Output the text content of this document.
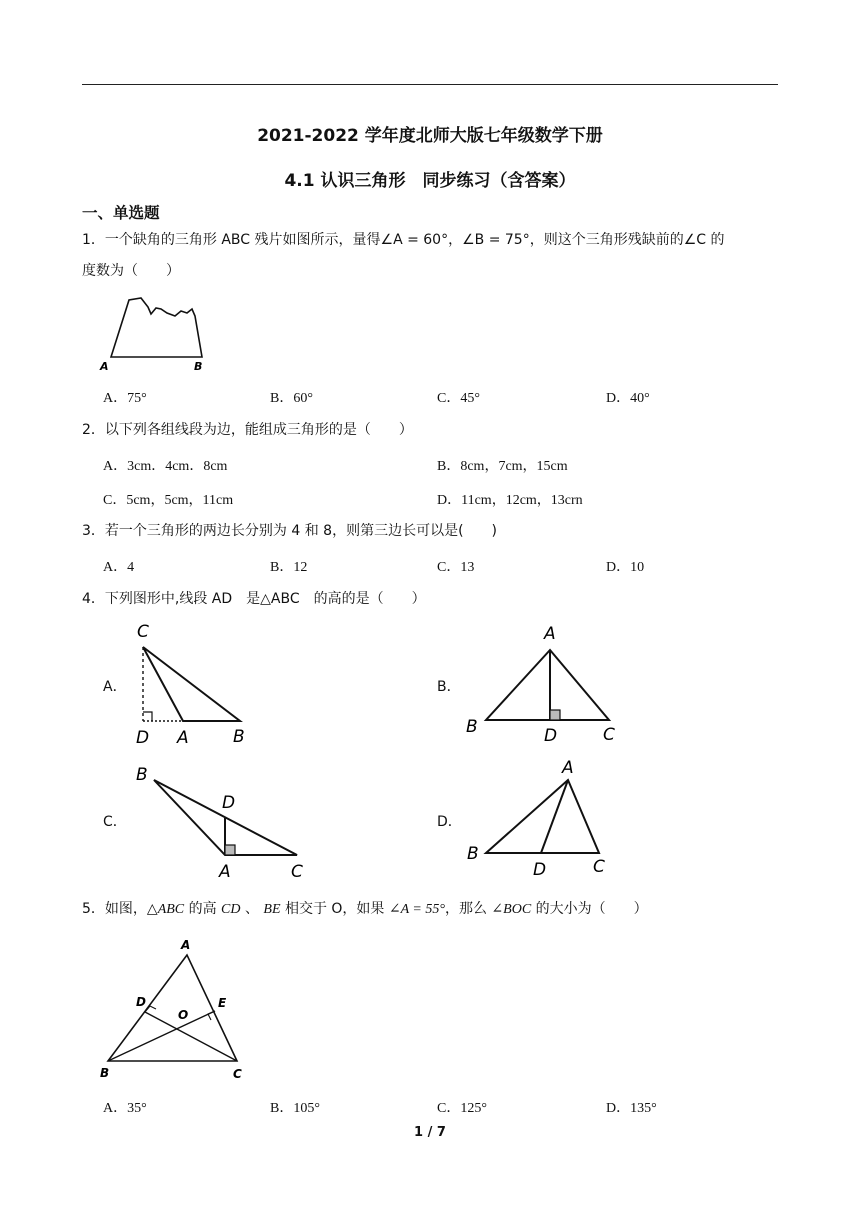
2021-2022 学年度北师大版七年级数学下册
4.1 认识三角形　同步练习（含答案）
一、单选题
1．一个缺角的三角形 ABC 残片如图所示，量得∠A = 60°，∠B = 75°，则这个三角形残缺前的∠C 的
度数为（　　）
A	B
A．75°	B．60°	C．45°	D．40°
2．以下列各组线段为边，能组成三角形的是（　　）
A．3cm．4cm．8cm	B．8cm，7cm，15cm
C．5cm，5cm，11cm	D．11cm，12cm，13crn
3．若一个三角形的两边长分别为 4 和 8，则第三边长可以是(　　)
A．4	B．12	C．13	D．10
4．下列图形中,线段 AD　是△ABC　的高的是（　　）
A．
C
D A	B
B．
A
B	D	C
C．
B
D
A	C
D．
A
B
D	C
5．如图，△ABC 的高 CD 、 BE 相交于 O，如果 ∠A = 55°，那么 ∠BOC 的大小为（　　）
A
D	E
O
B	C
A．35°	B．105°	C．125°	D．135°
1 / 7
